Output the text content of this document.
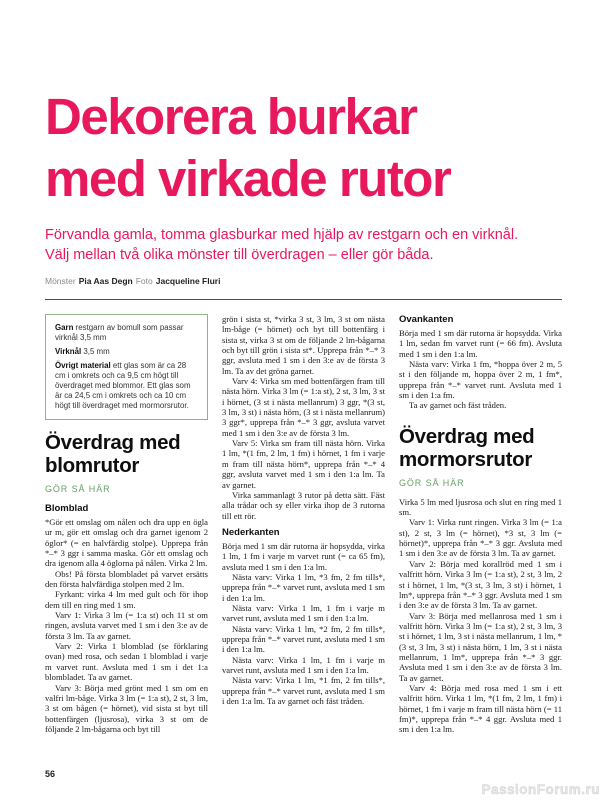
Dekorera burkar
med virkade rutor

Förvandla gamla, tomma glasburkar med hjälp av restgarn och en virknål.
Välj mellan två olika mönster till överdragen – eller gör båda.

Mönster Pia Aas Degn Foto Jacqueline Fluri

Garn restgarn av bomull som passar virknål 3,5 mm

Virknål 3,5 mm

Övrigt material ett glas som är ca 28 cm i omkrets och ca 9,5 cm högt till överdraget med blommor. Ett glas som är ca 24,5 cm i omkrets och ca 10 cm högt till överdraget med mormorsrutor.

Överdrag med blomrutor
GÖR SÅ HÄR
Blomblad

*Gör ett omslag om nålen och dra upp en ögla ur m, gör ett omslag och dra garnet igenom 2 öglor* (= en halvfärdig stolpe). Upprepa från *–* 3 ggr i samma maska. Gör ett omslag och dra igenom alla 4 öglorna på nålen. Virka 2 lm.

Obs! På första blombladet på varvet ersätts den första halvfärdiga stolpen med 2 lm.

Fyrkant: virka 4 lm med gult och för ihop dem till en ring med 1 sm.

Varv 1: Virka 3 lm (= 1:a st) och 11 st om ringen, avsluta varvet med 1 sm i den 3:e av de första 3 lm. Ta av garnet.

Varv 2: Virka 1 blomblad (se förklaring ovan) med rosa, och sedan 1 blomblad i varje m varvet runt. Avsluta med 1 sm i det 1:a blombladet. Ta av garnet.

Varv 3: Börja med grönt med 1 sm om en valfri lm-båge. Virka 3 lm (= 1:a st), 2 st, 3 lm, 3 st om bågen (= hörnet), vid sista st byt till bottenfärgen (ljusrosa), virka 3 st om de följande 2 lm-bågarna och byt till

grön i sista st, *virka 3 st, 3 lm, 3 st om nästa lm-båge (= hörnet) och byt till bottenfärg i sista st, virka 3 st om de följande 2 lm-bågarna och byt till grön i sista st*. Upprepa från *–* 3 ggr, avsluta med 1 sm i den 3:e av de första 3 lm. Ta av det gröna garnet.

Varv 4: Virka sm med bottenfärgen fram till nästa hörn. Virka 3 lm (= 1:a st), 2 st, 3 lm, 3 st i hörnet, (3 st i nästa mellanrum) 3 ggr, *(3 st, 3 lm, 3 st) i nästa hörn, (3 st i nästa mellanrum) 3 ggr*, upprepa från *–* 3 ggr, avsluta varvet med 1 sm i den 3:e av de första 3 lm.

Varv 5: Virka sm fram till nästa hörn. Virka 1 lm, *(1 fm, 2 lm, 1 fm) i hörnet, 1 fm i varje m fram till nästa hörn*, upprepa från *–* 4 ggr, avsluta varvet med 1 sm i den 1:a lm. Ta av garnet.

Virka sammanlagt 3 rutor på detta sätt. Fäst alla trådar och sy eller virka ihop de 3 rutorna till ett rör.

Nederkanten

Börja med 1 sm där rutorna är hopsydda, virka 1 lm, 1 fm i varje m varvet runt (= ca 65 fm), avsluta med 1 sm i den 1:a lm.

Nästa varv: Virka 1 lm, *3 fm, 2 fm tills*, upprepa från *–* varvet runt, avsluta med 1 sm i den 1:a lm.

Nästa varv: Virka 1 lm, 1 fm i varje m varvet runt, avsluta med 1 sm i den 1:a lm.

Nästa varv: Virka 1 lm, *2 fm, 2 fm tills*, upprepa från *–* varvet runt, avsluta med 1 sm i den 1:a lm.

Nästa varv: Virka 1 lm, 1 fm i varje m varvet runt, avsluta med 1 sm i den 1:a lm.

Nästa varv: Virka 1 lm, *1 fm, 2 fm tills*, upprepa från *–* varvet runt, avsluta med 1 sm i den 1:a lm. Ta av garnet och fäst tråden.

Ovankanten

Börja med 1 sm där rutorna är hopsydda. Virka 1 lm, sedan fm varvet runt (= 66 fm). Avsluta med 1 sm i den 1:a lm.

Nästa varv: Virka 1 fm, *hoppa över 2 m, 5 st i den följande m, hoppa över 2 m, 1 fm*, upprepa från *–* varvet runt. Avsluta med 1 sm i den 1:a fm.

Ta av garnet och fäst tråden.

Överdrag med mormorsrutor
GÖR SÅ HÄR

Virka 5 lm med ljusrosa och slut en ring med 1 sm.

Varv 1: Virka runt ringen. Virka 3 lm (= 1:a st), 2 st, 3 lm (= hörnet), *3 st, 3 lm (= hörnet)*, upprepa från *–* 3 ggr. Avsluta med 1 sm i den 3:e av de första 3 lm. Ta av garnet.

Varv 2: Börja med korallröd med 1 sm i valfritt hörn. Virka 3 lm (= 1:a st), 2 st, 3 lm, 2 st i hörnet, 1 lm, *(3 st, 3 lm, 3 st) i hörnet, 1 lm*, upprepa från *–* 3 ggr. Avsluta med 1 sm i den 3:e av de första 3 lm. Ta av garnet.

Varv 3: Börja med mellanrosa med 1 sm i valfritt hörn. Virka 3 lm (= 1:a st), 2 st, 3 lm, 3 st i hörnet, 1 lm, 3 st i nästa mellanrum, 1 lm, *(3 st, 3 lm, 3 st) i nästa hörn, 1 lm, 3 st i nästa mellanrum, 1 lm*, upprepa från *–* 3 ggr. Avsluta med 1 sm i den 3:e av de första 3 lm. Ta av garnet.

Varv 4: Börja med rosa med 1 sm i ett valfritt hörn. Virka 1 lm, *(1 fm, 2 lm, 1 fm) i hörnet, 1 fm i varje m fram till nästa hörn (= 11 fm)*, upprepa från *–* 4 ggr. Avsluta med 1 sm i den 1:a lm.

56
PassionForum.ru
